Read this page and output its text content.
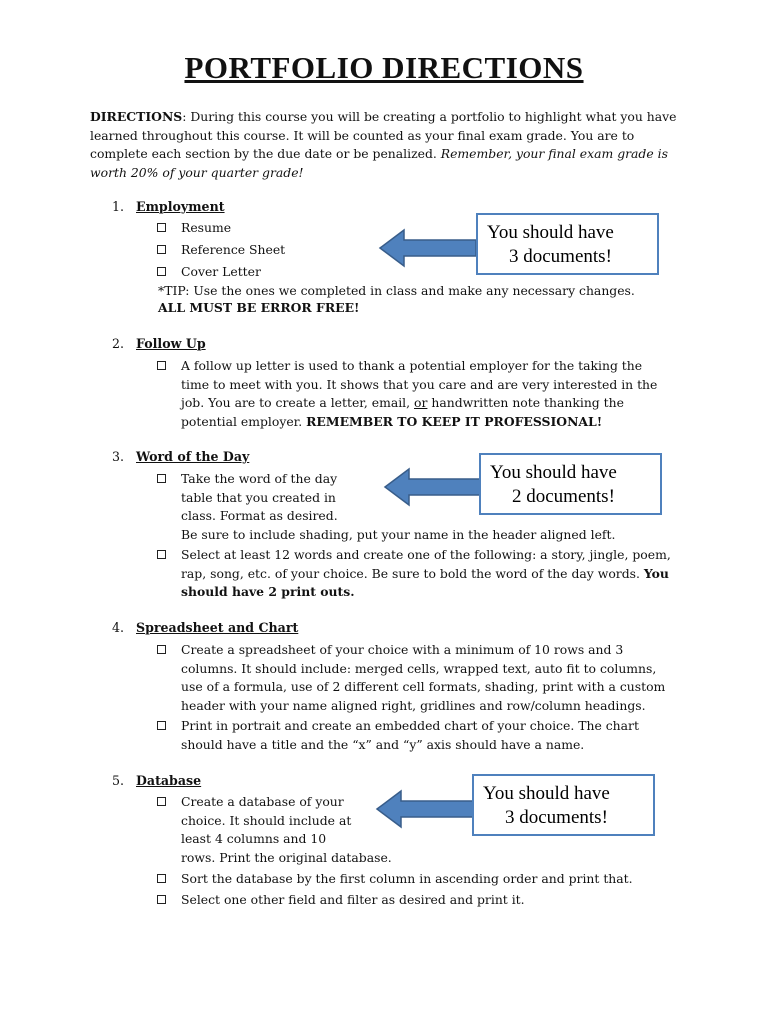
PORTFOLIO DIRECTIONS
DIRECTIONS: During this course you will be creating a portfolio to highlight what you have learned throughout this course. It will be counted as your final exam grade. You are to complete each section by the due date or be penalized. Remember, your final exam grade is worth 20% of your quarter grade!
1. Employment
Resume
Reference Sheet
Cover Letter
*TIP: Use the ones we completed in class and make any necessary changes.
ALL MUST BE ERROR FREE!
You should have
3 documents!
2. Follow Up
A follow up letter is used to thank a potential employer for the taking the
time to meet with you. It shows that you care and are very interested in the
job. You are to create a letter, email, or handwritten note thanking the
potential employer. REMEMBER TO KEEP IT PROFESSIONAL!
3. Word of the Day
Take the word of the day
table that you created in
class. Format as desired.
Be sure to include shading, put your name in the header aligned left.
Select at least 12 words and create one of the following: a story, jingle, poem,
rap, song, etc. of your choice. Be sure to bold the word of the day words. You
should have 2 print outs.
You should have
2 documents!
4. Spreadsheet and Chart
Create a spreadsheet of your choice with a minimum of 10 rows and 3
columns. It should include: merged cells, wrapped text, auto fit to columns,
use of a formula, use of 2 different cell formats, shading, print with a custom
header with your name aligned right, gridlines and row/column headings.
Print in portrait and create an embedded chart of your choice. The chart
should have a title and the “x” and “y” axis should have a name.
5. Database
Create a database of your
choice. It should include at
least 4 columns and 10
rows. Print the original database.
Sort the database by the first column in ascending order and print that.
Select one other field and filter as desired and print it.
You should have
3 documents!
